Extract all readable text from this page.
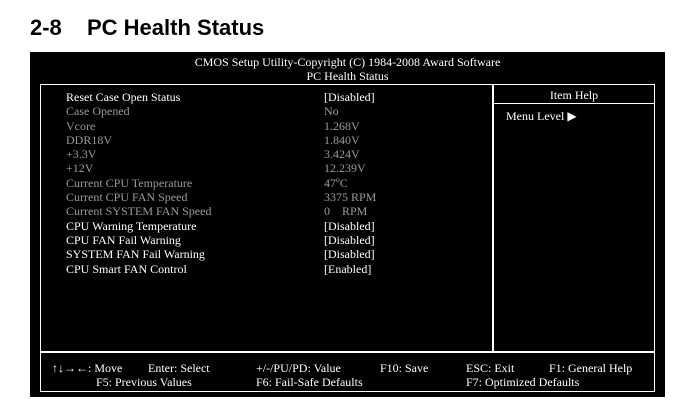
2-8	PC Health Status
CMOS Setup Utility-Copyright (C) 1984-2008 Award Software
PC Health Status
Item Help
Menu Level ▶
Reset Case Open Status	[Disabled]
Case Opened	No
Vcore	1.268V
DDR18V	1.840V
+3.3V	3.424V
+12V	12.239V
Current CPU Temperature	47ºC
Current CPU FAN Speed	3375 RPM
Current SYSTEM FAN Speed	0    RPM
CPU Warning Temperature	[Disabled]
CPU FAN Fail Warning	[Disabled]
SYSTEM FAN Fail Warning	[Disabled]
CPU Smart FAN Control	[Enabled]
↑↓→←: Move Enter: Select	+/-/PU/PD: Value	F10: Save	ESC: Exit	F1: General Help
F5: Previous Values	F6: Fail-Safe Defaults	F7: Optimized Defaults
